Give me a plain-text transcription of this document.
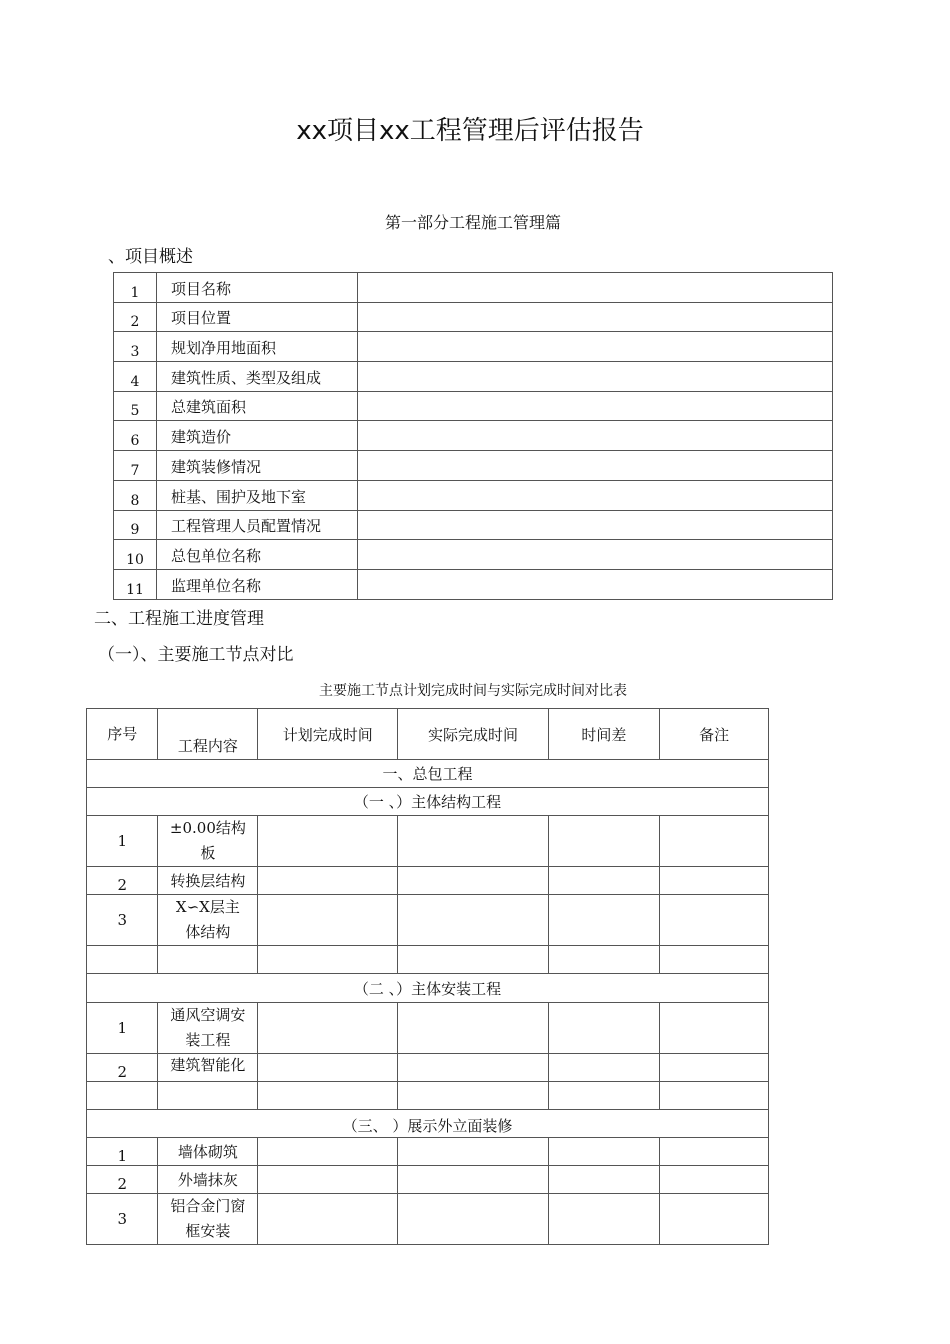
xx项目xx工程管理后评估报告
第一部分工程施工管理篇
、项目概述
1	项目名称	
2	项目位置	
3	规划净用地面积	
4	建筑性质、类型及组成	
5	总建筑面积	
6	建筑造价	
7	建筑装修情况	
8	桩基、围护及地下室	
9	工程管理人员配置情况	
10	总包单位名称	
11	监理单位名称	
二、工程施工进度管理
（一）、主要施工节点对比
主要施工节点计划完成时间与实际完成时间对比表
序号	工程内容	计划完成时间	实际完成时间	时间差	备注
一、总包工程					
（一 、）主体结构工程					
1	±0.00结构板				
2	转换层结构				
3	X∽X层主体结构				

（二 、）主体安装工程					
1	通风空调安装工程				
2	建筑智能化				

（三、 ）展示外立面装修					
1	墙体砌筑				
2	外墙抹灰				
3	铝合金门窗框安装				
